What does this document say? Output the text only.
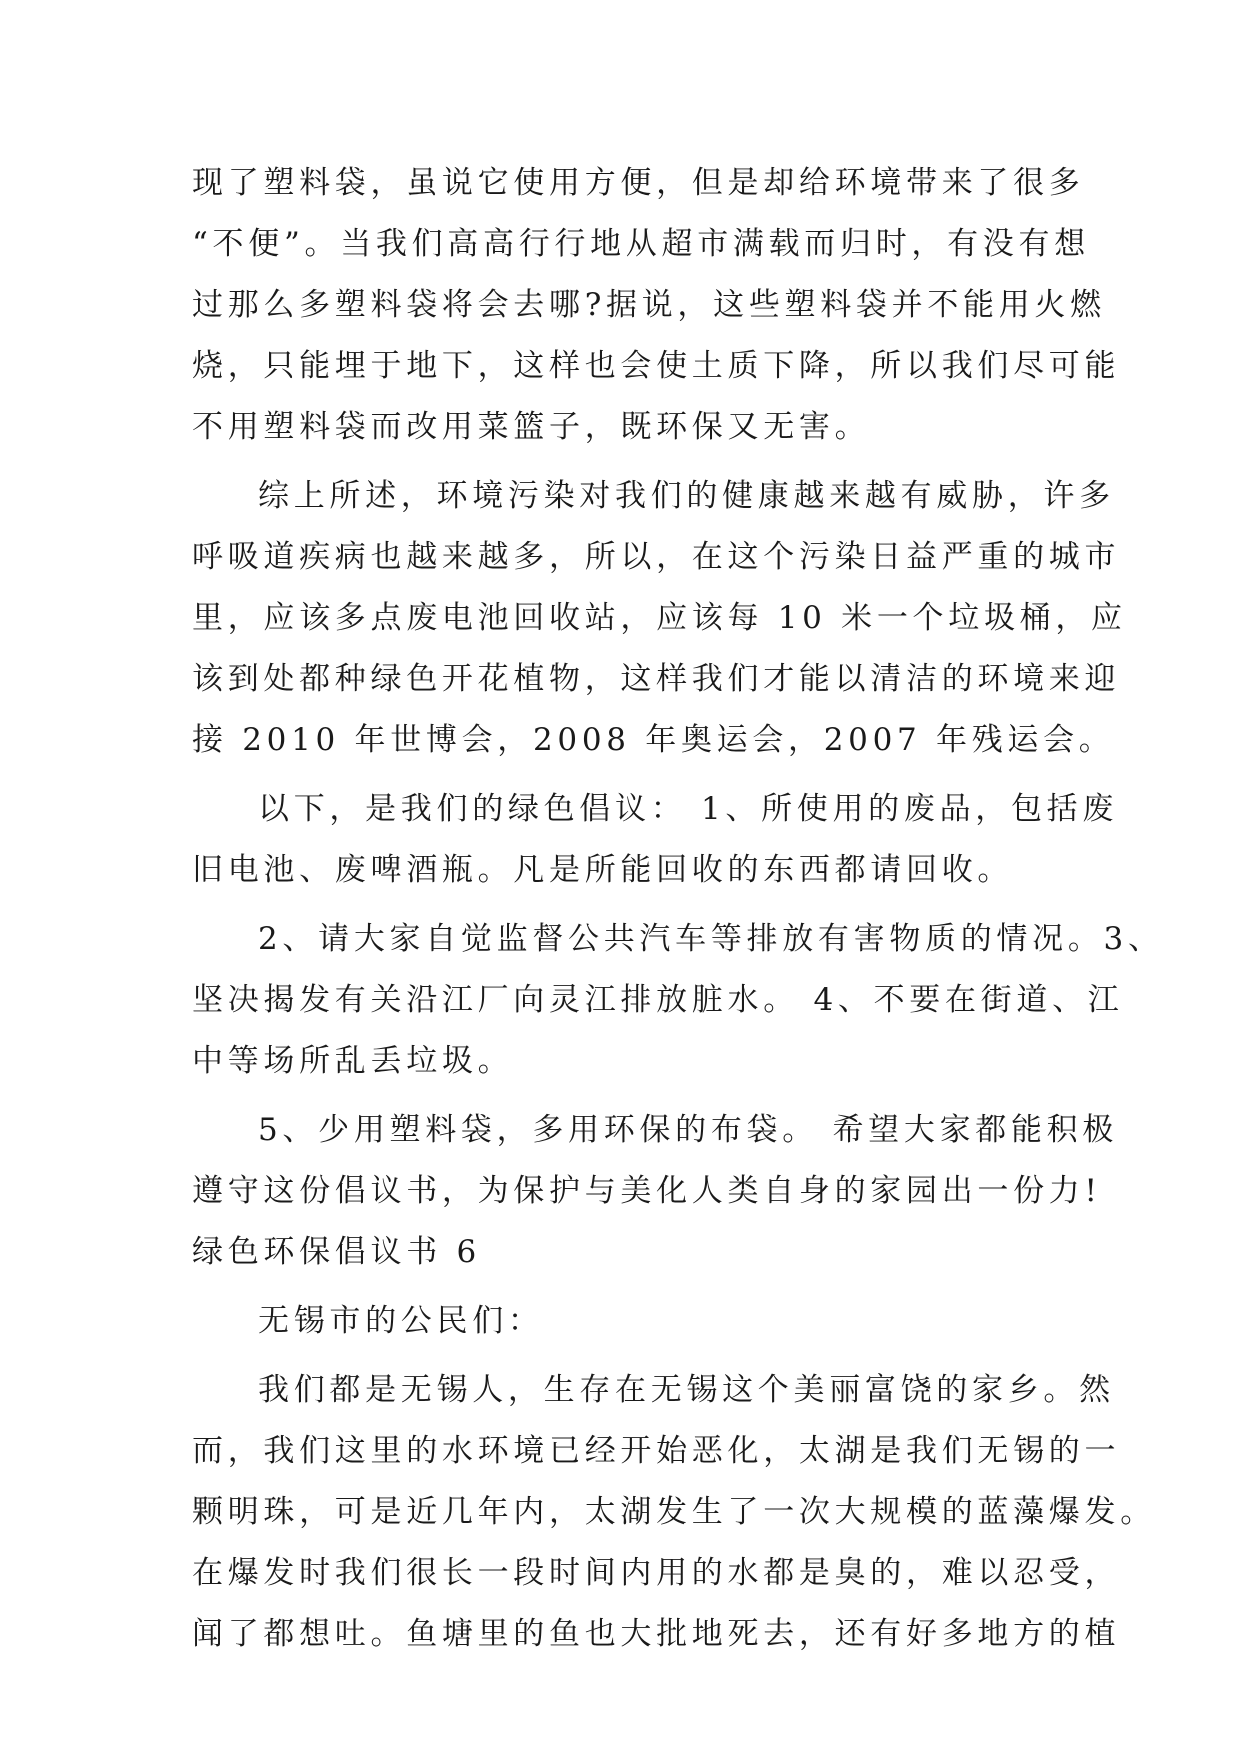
现了塑料袋，虽说它使用方便，但是却给环境带来了很多
“不便”。当我们高高行行地从超市满载而归时，有没有想
过那么多塑料袋将会去哪?据说，这些塑料袋并不能用火燃
烧，只能埋于地下，这样也会使土质下降，所以我们尽可能
不用塑料袋而改用菜篮子，既环保又无害。
综上所述，环境污染对我们的健康越来越有威胁，许多
呼吸道疾病也越来越多，所以，在这个污染日益严重的城市
里，应该多点废电池回收站，应该每 10 米一个垃圾桶，应
该到处都种绿色开花植物，这样我们才能以清洁的环境来迎
接 2010 年世博会，2008 年奥运会，2007 年残运会。
以下，是我们的绿色倡议： 1、所使用的废品，包括废
旧电池、废啤酒瓶。凡是所能回收的东西都请回收。
2、请大家自觉监督公共汽车等排放有害物质的情况。3、
坚决揭发有关沿江厂向灵江排放脏水。 4、不要在街道、江
中等场所乱丢垃圾。
5、少用塑料袋，多用环保的布袋。 希望大家都能积极
遵守这份倡议书，为保护与美化人类自身的家园出一份力!
绿色环保倡议书 6
无锡市的公民们：
我们都是无锡人，生存在无锡这个美丽富饶的家乡。然
而，我们这里的水环境已经开始恶化，太湖是我们无锡的一
颗明珠，可是近几年内，太湖发生了一次大规模的蓝藻爆发。
在爆发时我们很长一段时间内用的水都是臭的，难以忍受，
闻了都想吐。鱼塘里的鱼也大批地死去，还有好多地方的植
